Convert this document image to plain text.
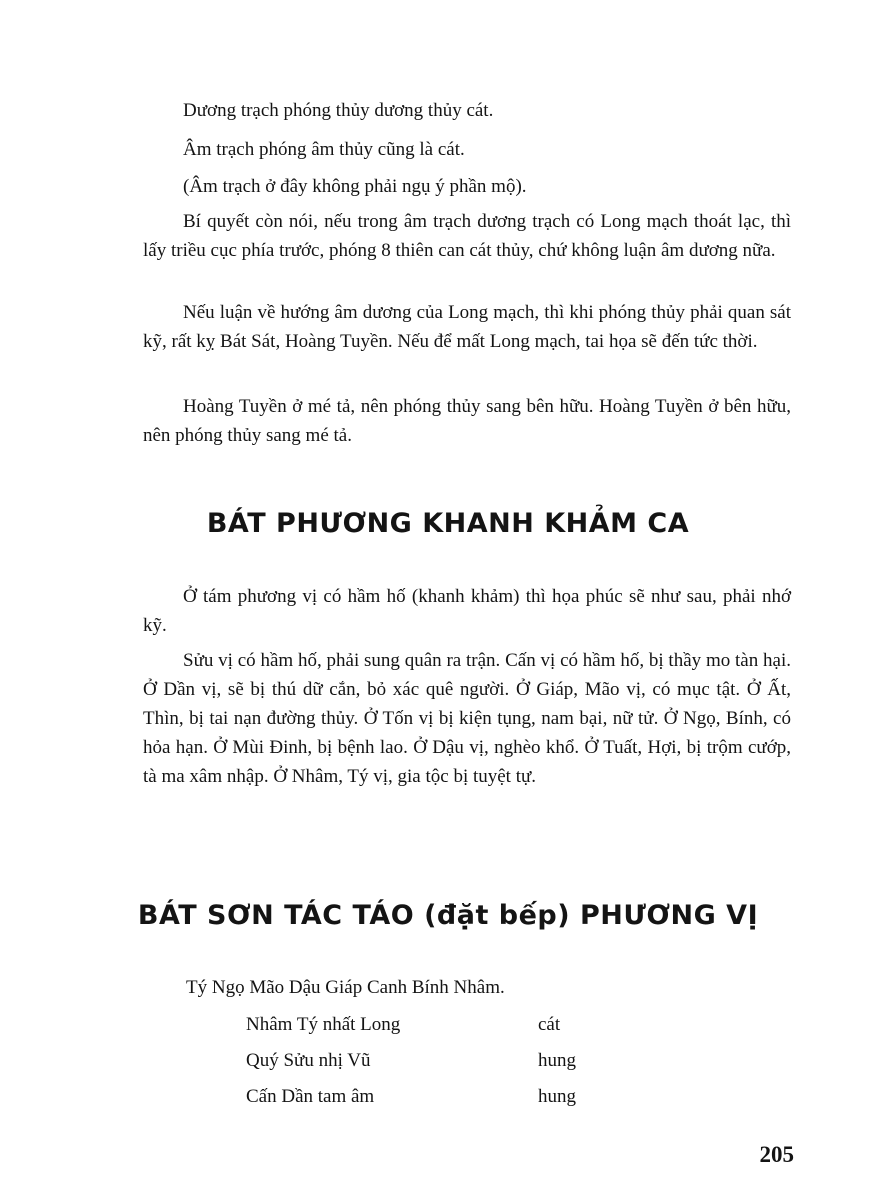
Dương trạch phóng thủy dương thủy cát.

Âm trạch phóng âm thủy cũng là cát.

(Âm trạch ở đây không phải ngụ ý phần mộ).

Bí quyết còn nói, nếu trong âm trạch dương trạch có Long mạch thoát lạc, thì lấy triều cục phía trước, phóng 8 thiên can cát thủy, chứ không luận âm dương nữa.

Nếu luận về hướng âm dương của Long mạch, thì khi phóng thủy phải quan sát kỹ, rất kỵ Bát Sát, Hoàng Tuyền. Nếu để mất Long mạch, tai họa sẽ đến tức thời.

Hoàng Tuyền ở mé tả, nên phóng thủy sang bên hữu. Hoàng Tuyền ở bên hữu, nên phóng thủy sang mé tả.

BÁT PHƯƠNG KHANH KHẢM CA

Ở tám phương vị có hầm hố (khanh khảm) thì họa phúc sẽ như sau, phải nhớ kỹ.

Sửu vị có hầm hố, phải sung quân ra trận. Cấn vị có hầm hố, bị thầy mo tàn hại. Ở Dần vị, sẽ bị thú dữ cắn, bỏ xác quê người. Ở Giáp, Mão vị, có mục tật. Ở Ất, Thìn, bị tai nạn đường thủy. Ở Tốn vị bị kiện tụng, nam bại, nữ tử. Ở Ngọ, Bính, có hỏa hạn. Ở Mùi Đinh, bị bệnh lao. Ở Dậu vị, nghèo khổ. Ở Tuất, Hợi, bị trộm cướp, tà ma xâm nhập. Ở Nhâm, Tý vị, gia tộc bị tuyệt tự.

BÁT SƠN TÁC TÁO (đặt bếp) PHƯƠNG VỊ

Tý Ngọ Mão Dậu Giáp Canh Bính Nhâm.

Nhâm Tý nhất Long	cát
Quý Sửu nhị Vũ	hung
Cấn Dần tam âm	hung

205
